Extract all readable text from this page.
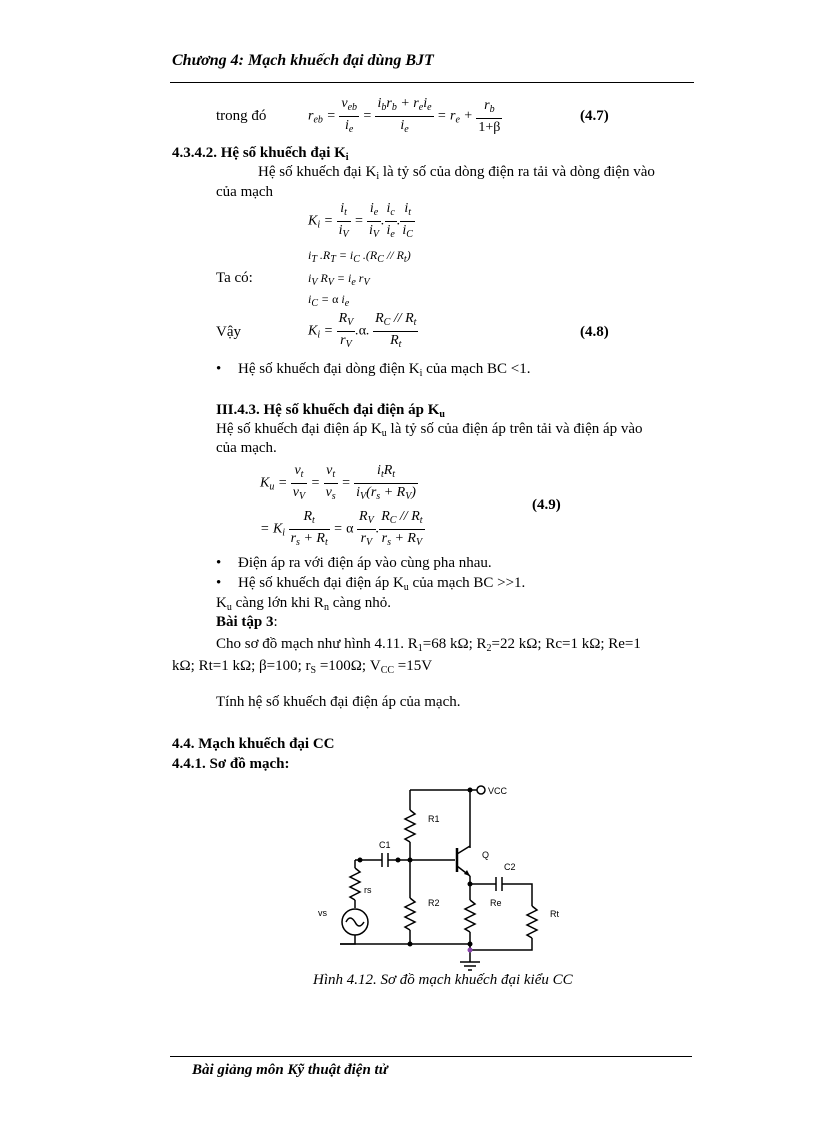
Chương 4: Mạch khuếch đại dùng BJT
trong đó	$r_{eb} = \frac{v_{eb}}{i_e} = \frac{i_br_b + r_ei_e}{i_e} = r_e + \frac{r_b}{1+\beta}$	(4.7)
4.3.4.2. Hệ số khuếch đại $K_i$
Hệ số khuếch đại $K_i$ là tỷ số của dòng điện ra tải và dòng điện vào
của mạch
$K_i = \frac{i_t}{i_V} = \frac{i_e}{i_V}$ . $\frac{i_c}{i_e}$ . $\frac{i_t}{i_C}$
$i_T$ $.R_T = i_C$ $.(R_C // R_t)$
Ta có:	$i_V$ $R_V = i_e$ $r_V$
$i_C = \alpha$ $i_e$
Vậy	$K_i = \frac{R_V}{r_V} .\alpha$. $\frac{R_C // R_t}{R_t}$	(4.8)
• Hệ số khuếch đại dòng điện $K_i$ của mạch BC <1.
III.4.3. Hệ số khuếch đại điện áp $K_u$
Hệ số khuếch đại điện áp $K_u$ là tỷ số của điện áp trên tải và điện áp vào
của mạch.
$K_u = \frac{v_t}{v_V} = \frac{v_t}{v_s} = \frac{i_tR_t}{i_V(r_s + R_V)}$
= $K_i \frac{R_t}{r_s + R_t} = \alpha \frac{R_V}{r_V}$ . $\frac{R_C // R_t}{r_s + R_V}$
(4.9)
• Điện áp ra với điện áp vào cùng pha nhau.
• Hệ số khuếch đại điện áp $K_u$ của mạch BC >>1.
$K_u$ càng lớn khi $R_n$ càng nhỏ.
Bài tập 3:
Cho sơ đồ mạch như hình 4.11. $R_1=68$ kΩ; $R_2=22$ kΩ; Rc=1 kΩ; Re=1
kΩ; Rt=1 kΩ; β=100; $r_S =100\Omega$; $V_{CC} =15V$
Tính hệ số khuếch đại điện áp của mạch.
4.4. Mạch khuếch đại CC
4.4.1. Sơ đồ mạch:
VCC
R1
C1
Q
C2
rs
R2	Re
Rt
vs
Hình 4.12. Sơ đồ mạch khuếch đại kiểu CC
Bài giảng môn Kỹ thuật điện tử
